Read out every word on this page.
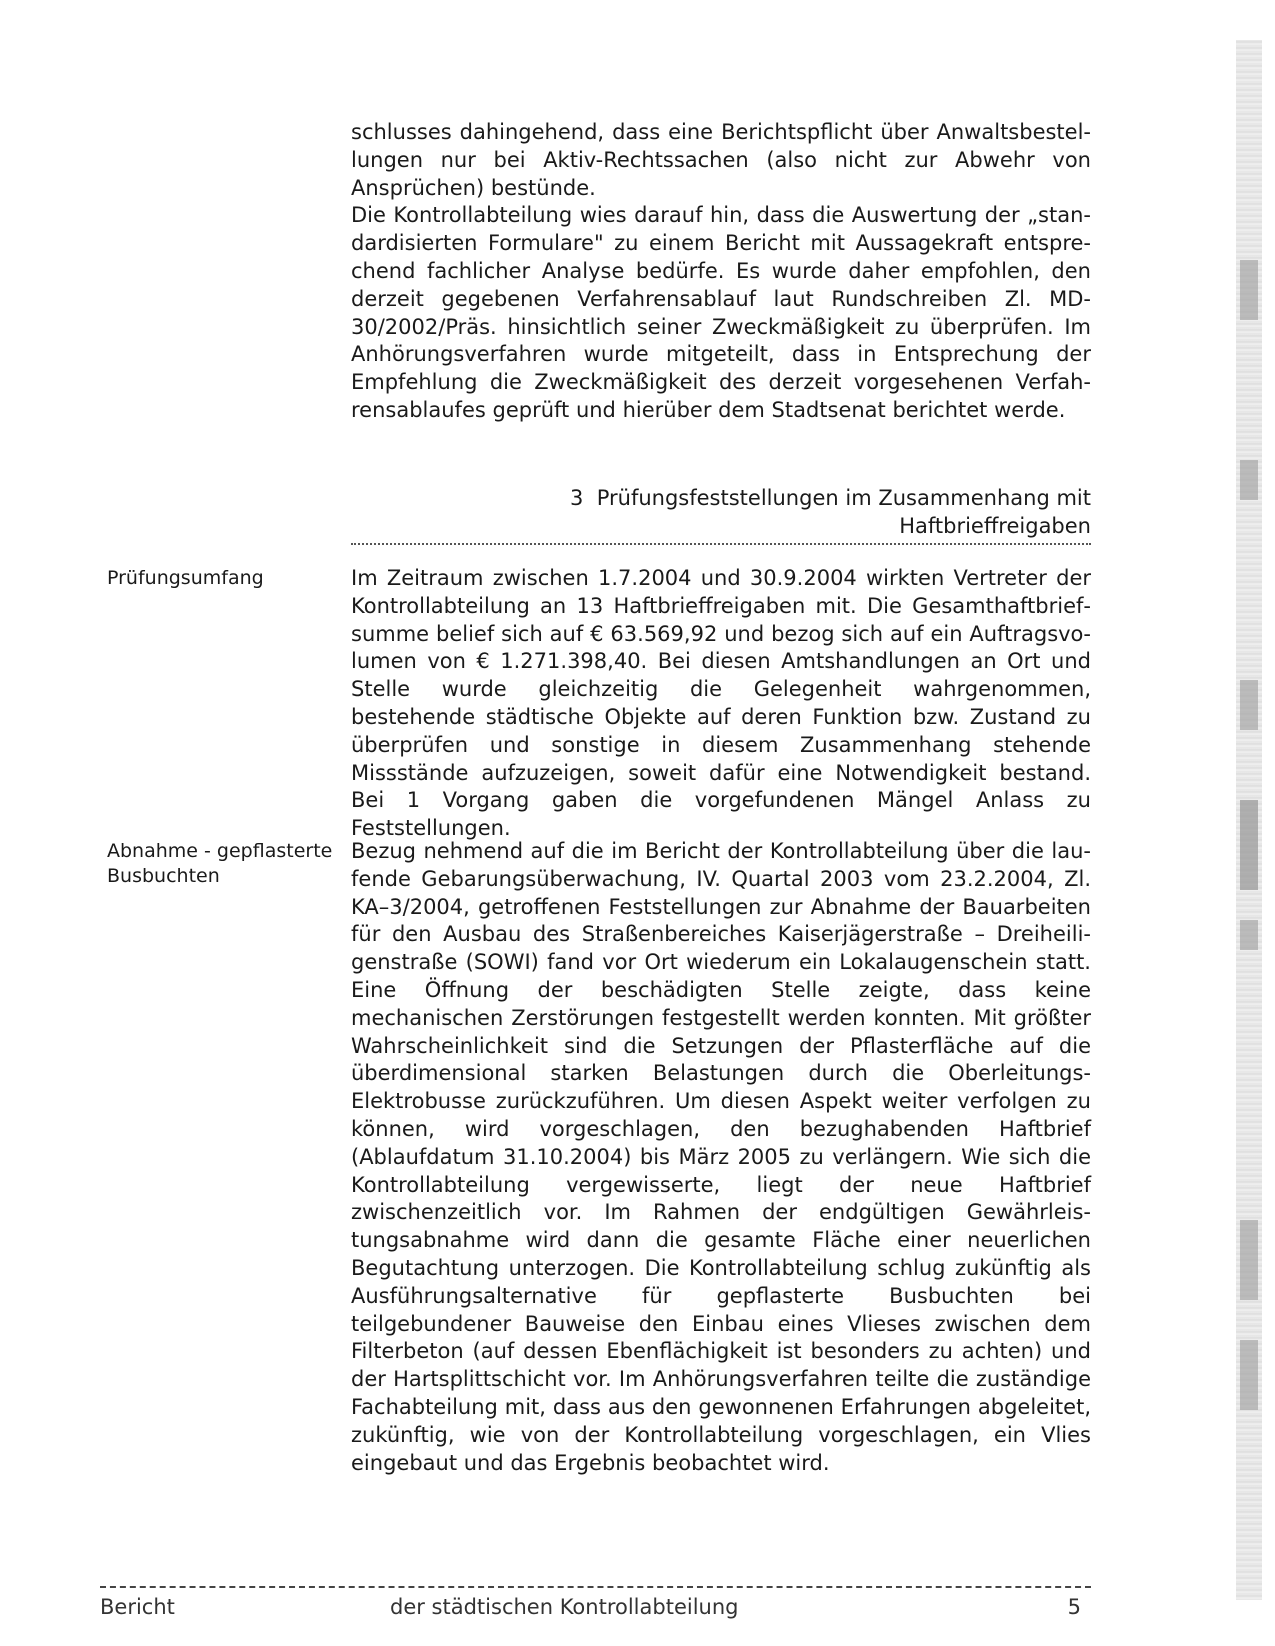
schlusses dahingehend, dass eine Berichtspflicht über Anwaltsbestellungen nur bei Aktiv-Rechtssachen (also nicht zur Abwehr von Ansprüchen) bestünde.

Die Kontrollabteilung wies darauf hin, dass die Auswertung der „standardisierten Formulare" zu einem Bericht mit Aussagekraft entsprechend fachlicher Analyse bedürfe. Es wurde daher empfohlen, den derzeit gegebenen Verfahrensablauf laut Rundschreiben Zl. MD-30/2002/Präs. hinsichtlich seiner Zweckmäßigkeit zu überprüfen. Im Anhörungsverfahren wurde mitgeteilt, dass in Entsprechung der Empfehlung die Zweckmäßigkeit des derzeit vorgesehenen Verfahrensablaufes geprüft und hierüber dem Stadtsenat berichtet werde.

3  Prüfungsfeststellungen im Zusammenhang mit
Haftbrieffreigaben
Prüfungsumfang	Im Zeitraum zwischen 1.7.2004 und 30.9.2004 wirkten Vertreter der Kontrollabteilung an 13 Haftbrieffreigaben mit. Die Gesamthaftbriefsumme belief sich auf € 63.569,92 und bezog sich auf ein Auftragsvolumen von € 1.271.398,40. Bei diesen Amtshandlungen an Ort und Stelle wurde gleichzeitig die Gelegenheit wahrgenommen, bestehende städtische Objekte auf deren Funktion bzw. Zustand zu überprüfen und sonstige in diesem Zusammenhang stehende Missstände aufzuzeigen, soweit dafür eine Notwendigkeit bestand. Bei 1 Vorgang gaben die vorgefundenen Mängel Anlass zu Feststellungen.
Abnahme - gepflasterte
Busbuchten
Bezug nehmend auf die im Bericht der Kontrollabteilung über die laufende Gebarungsüberwachung, IV. Quartal 2003 vom 23.2.2004, Zl. KA–3/2004, getroffenen Feststellungen zur Abnahme der Bauarbeiten für den Ausbau des Straßenbereiches Kaiserjägerstraße – Dreiheiligenstraße (SOWI) fand vor Ort wiederum ein Lokalaugenschein statt. Eine Öffnung der beschädigten Stelle zeigte, dass keine mechanischen Zerstörungen festgestellt werden konnten. Mit größter Wahrscheinlichkeit sind die Setzungen der Pflasterfläche auf die überdimensional starken Belastungen durch die Oberleitungs-Elektrobusse zurückzuführen. Um diesen Aspekt weiter verfolgen zu können, wird vorgeschlagen, den bezughabenden Haftbrief (Ablaufdatum 31.10.2004) bis März 2005 zu verlängern. Wie sich die Kontrollabteilung vergewisserte, liegt der neue Haftbrief zwischenzeitlich vor. Im Rahmen der endgültigen Gewährleistungsabnahme wird dann die gesamte Fläche einer neuerlichen Begutachtung unterzogen. Die Kontrollabteilung schlug zukünftig als Ausführungsalternative für gepflasterte Busbuchten bei teilgebundener Bauweise den Einbau eines Vlieses zwischen dem Filterbeton (auf dessen Ebenflächigkeit ist besonders zu achten) und der Hartsplittschicht vor. Im Anhörungsverfahren teilte die zuständige Fachabteilung mit, dass aus den gewonnenen Erfahrungen abgeleitet, zukünftig, wie von der Kontrollabteilung vorgeschlagen, ein Vlies eingebaut und das Ergebnis beobachtet wird.
Bericht	der städtischen Kontrollabteilung	5
